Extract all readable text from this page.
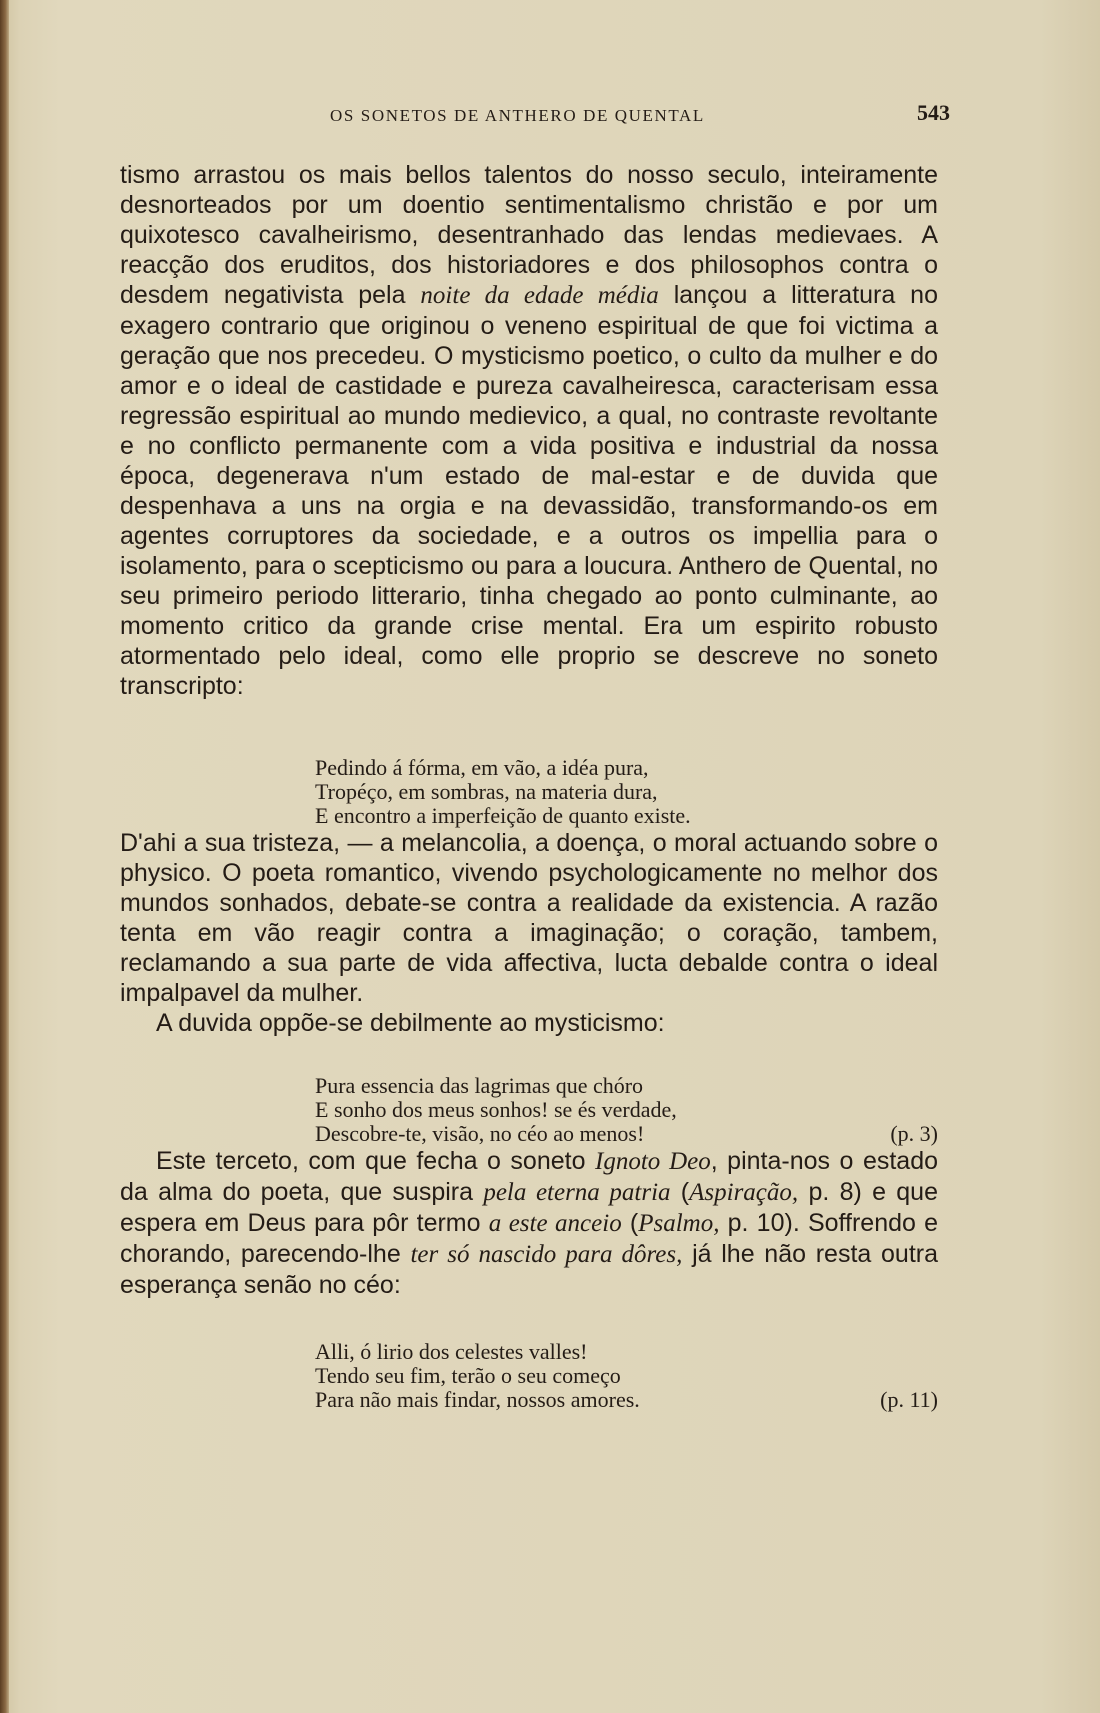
OS SONETOS DE ANTHERO DE QUENTAL	543

tismo arrastou os mais bellos talentos do nosso seculo, inteiramente desnorteados por um doentio sentimentalismo christão e por um quixotesco cavalheirismo, desentranhado das lendas medievaes. A reacção dos eruditos, dos historiadores e dos philosophos contra o desdem negativista pela noite da edade média lançou a litteratura no exagero contrario que originou o veneno espiritual de que foi victima a geração que nos precedeu. O mysticismo poetico, o culto da mulher e do amor e o ideal de castidade e pureza cavalheiresca, caracterisam essa regressão espiritual ao mundo medievico, a qual, no contraste revoltante e no conflicto permanente com a vida positiva e industrial da nossa época, degenerava n'um estado de mal-estar e de duvida que despenhava a uns na orgia e na devassidão, transformando-os em agentes corruptores da sociedade, e a outros os impellia para o isolamento, para o scepticismo ou para a loucura. Anthero de Quental, no seu primeiro periodo litterario, tinha chegado ao ponto culminante, ao momento critico da grande crise mental. Era um espirito robusto atormentado pelo ideal, como elle proprio se descreve no soneto transcripto:

Pedindo á fórma, em vão, a idéa pura,
Tropéço, em sombras, na materia dura,
E encontro a imperfeição de quanto existe.

D'ahi a sua tristeza, — a melancolia, a doença, o moral actuando sobre o physico. O poeta romantico, vivendo psychologicamente no melhor dos mundos sonhados, debate-se contra a realidade da existencia. A razão tenta em vão reagir contra a imaginação; o coração, tambem, reclamando a sua parte de vida affectiva, lucta debalde contra o ideal impalpavel da mulher.

A duvida oppõe-se debilmente ao mysticismo:

Pura essencia das lagrimas que chóro
E sonho dos meus sonhos! se és verdade,
Descobre-te, visão, no céo ao menos!	(p. 3)

Este terceto, com que fecha o soneto Ignoto Deo, pinta-nos o estado da alma do poeta, que suspira pela eterna patria (Aspiração, p. 8) e que espera em Deus para pôr termo a este anceio (Psalmo, p. 10). Soffrendo e chorando, parecendo-lhe ter só nascido para dôres, já lhe não resta outra esperança senão no céo:

Alli, ó lirio dos celestes valles!
Tendo seu fim, terão o seu começo
Para não mais findar, nossos amores.	(p. 11)
